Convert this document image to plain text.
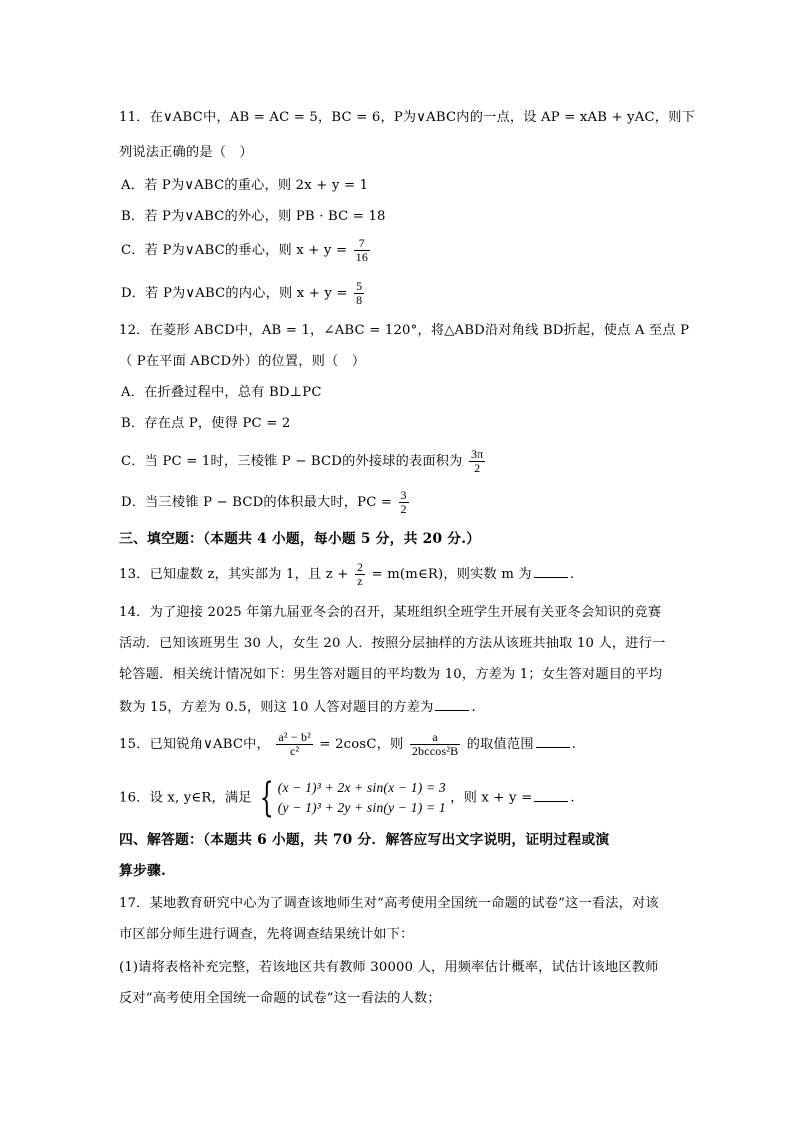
11．在∨ABC中，AB = AC = 5，BC = 6，P为∨ABC内的一点，设 AP = xAB + yAC，则下
列说法正确的是（　）
A．若 P为∨ABC的重心，则 2x + y = 1
B．若 P为∨ABC的外心，则 PB · BC = 18
C．若 P为∨ABC的垂心，则 $x + y = \frac{7}{16}$
D．若 P为∨ABC的内心，则 $x + y = \frac{5}{8}$
12．在菱形 ABCD中，AB = 1，∠ABC = 120°，将△ABD沿对角线 BD折起，使点 A 至点 P
（ P在平面 ABCD外）的位置，则（　）
A．在折叠过程中，总有 BD⊥PC
B．存在点 P，使得 PC = 2
C．当 PC = 1时，三棱锥 P − BCD的外接球的表面积为 $\frac{3\pi}{2}$
D．当三棱锥 P − BCD的体积最大时，PC = $\frac{3}{2}$
三、填空题：（本题共 4 小题，每小题 5 分，共 20 分.）
13．已知虚数 z，其实部为 1，且 $z + \frac{2}{z}$ = m(m∈R)，则实数 m 为	.
14．为了迎接 2025 年第九届亚冬会的召开，某班组织全班学生开展有关亚冬会知识的竞赛
活动．已知该班男生 30 人，女生 20 人．按照分层抽样的方法从该班共抽取 10 人，进行一
轮答题．相关统计情况如下：男生答对题目的平均数为 10，方差为 1；女生答对题目的平均
数为 15，方差为 0.5，则这 10 人答对题目的方差为	.
15．已知锐角∨ABC中， $\frac{\text{a² − b²}}{\text{c²}} = 2\cos C$，则 $\frac{a}{\text{2bccos²B}}$ 的取值范围	.
16．设 x, y∈R，满足 { (x − 1)³ + 2x + sin(x − 1) = 3
(y − 1)³ + 2y + sin(y − 1) = 1
，则 x + y =	.
四、解答题：（本题共 6 小题，共 70 分．解答应写出文字说明，证明过程或演
算步骤.
17．某地教育研究中心为了调查该地师生对“高考使用全国统一命题的试卷”这一看法，对该
市区部分师生进行调查，先将调查结果统计如下：
(1)请将表格补充完整，若该地区共有教师 30000 人，用频率估计概率，试估计该地区教师
反对“高考使用全国统一命题的试卷”这一看法的人数；
